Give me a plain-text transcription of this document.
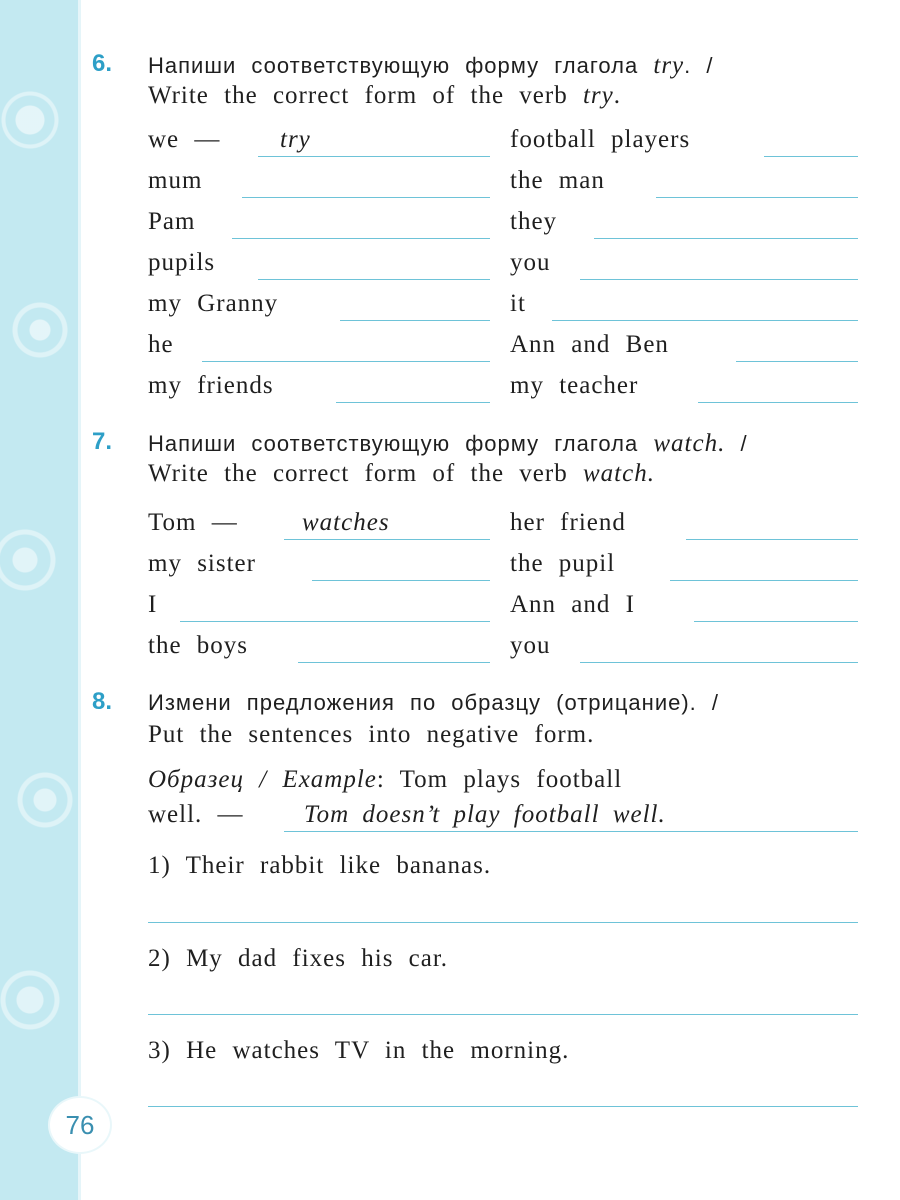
6. Напиши соответствующую форму глагола try. /
Write the correct form of the verb try.
we — try
mum
Pam
pupils
my Granny
he
my friends
football players
the man
they
you
it
Ann and Ben
my teacher
7. Напиши соответствующую форму глагола watch. /
Write the correct form of the verb watch.
Tom —	watches
my sister
I
the boys
her friend
the pupil
Ann and I
you
8. Измени предложения по образцу (отрицание). /
Put the sentences into negative form.
Образец / Example: Tom plays football
well. — Tom doesn’t play football well.
1) Their rabbit like bananas.
2) My dad fixes his car.
3) He watches TV in the morning.
76
